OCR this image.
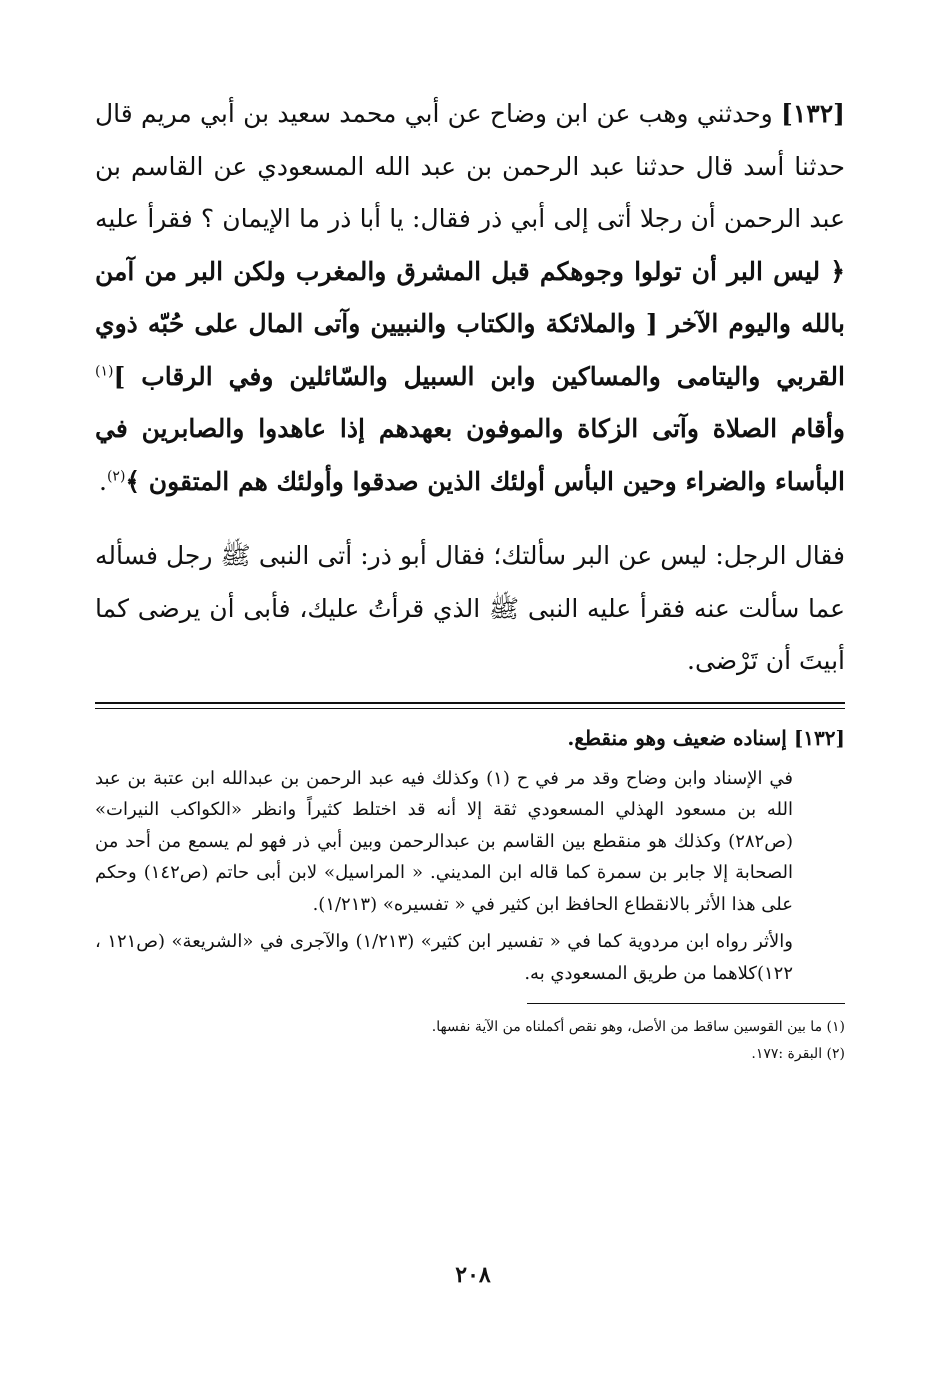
[١٣٢] وحدثني وهب عن ابن وضاح عن أبي محمد سعيد بن أبي مريم قال حدثنا أسد قال حدثنا عبد الرحمن بن عبد الله المسعودي عن القاسم بن عبد الرحمن أن رجلا أتى إلى أبي ذر فقال: يا أبا ذر ما الإيمان ؟ فقرأ عليه ﴿ ليس البر أن تولوا وجوهكم قبل المشرق والمغرب ولكن البر من آمن بالله واليوم الآخر [ والملائكة والكتاب والنبيين وآتى المال على حُبّه ذوي القربي واليتامى والمساكين وابن السبيل والسّائلين وفي الرقاب ]$^{(١)}$ وأقام الصلاة وآتى الزكاة والموفون بعهدهم إذا عاهدوا والصابرين في البأساء والضراء وحين البأس أولئك الذين صدقوا وأولئك هم المتقون ﴾$^{(٢)}$.

فقال الرجل: ليس عن البر سألتك؛ فقال أبو ذر: أتى النبى ﷺ رجل فسأله عما سألت عنه فقرأ عليه النبى ﷺ الذي قرأتُ عليك، فأبى أن يرضى كما أبيتَ أن تَرْضى.

[١٣٢] إسناده ضعيف وهو منقطع.

في الإسناد وابن وضاح وقد مر في ح (١) وكذلك فيه عبد الرحمن بن عبدالله ابن عتبة بن عبد الله بن مسعود الهذلي المسعودي ثقة إلا أنه قد اختلط كثيراً وانظر «الكواكب النيرات» (ص٢٨٢) وكذلك هو منقطع بين القاسم بن عبدالرحمن وبين أبي ذر فهو لم يسمع من أحد من الصحابة إلا جابر بن سمرة كما قاله ابن المديني. « المراسيل» لابن أبى حاتم (ص١٤٢) وحكم على هذا الأثر بالانقطاع الحافظ ابن كثير في « تفسيره» (١/٢١٣).

والأثر رواه ابن مردوية كما في « تفسير ابن كثير» (١/٢١٣) والآجرى في «الشريعة» (ص١٢١ ، ١٢٢)كلاهما من طريق المسعودي به.

(١) ما بين القوسين ساقط من الأصل، وهو نقص أكملناه من الآية نفسها.

(٢) البقرة :١٧٧.

٢٠٨
